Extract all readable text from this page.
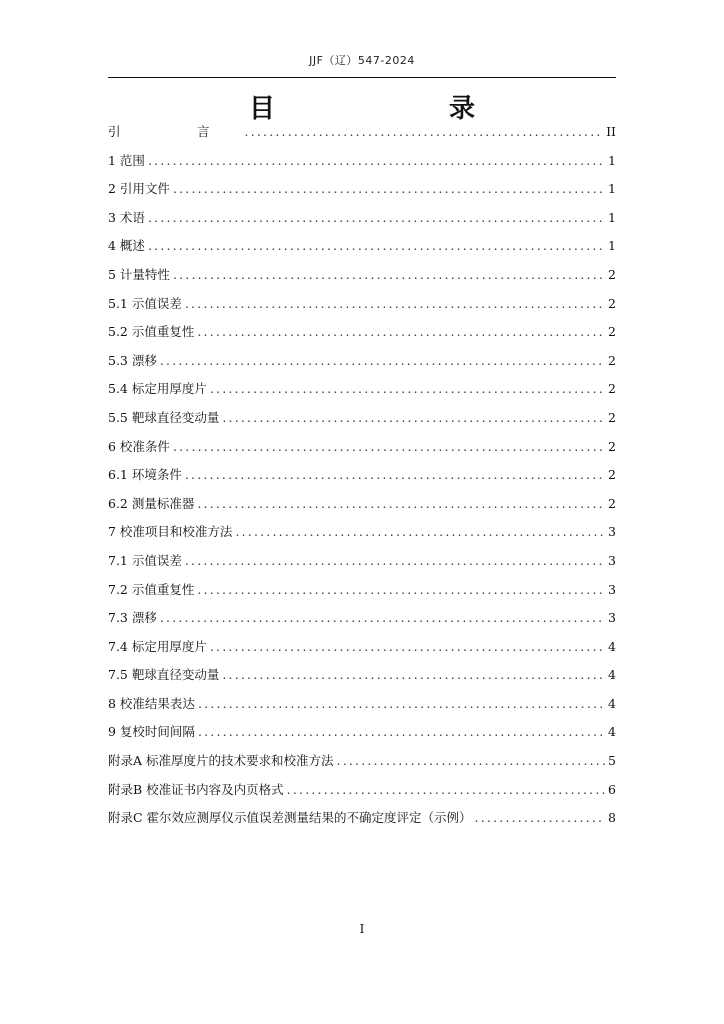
JJF（辽）547-2024
目　录
引　言 .....	II
1 范围 .....	1
2 引用文件 .....	1
3 术语 .....	1
4 概述 .....	1
5 计量特性 .....	2
5.1 示值误差 .....	2
5.2 示值重复性 .....	2
5.3 漂移 .....	2
5.4 标定用厚度片 .....	2
5.5 靶球直径变动量 .....	2
6 校准条件 .....	2
6.1 环境条件 .....	2
6.2 测量标准器 .....	2
7 校准项目和校准方法 .....	3
7.1 示值误差 .....	3
7.2 示值重复性 .....	3
7.3 漂移 .....	3
7.4 标定用厚度片 .....	4
7.5 靶球直径变动量 .....	4
8 校准结果表达 .....	4
9 复校时间间隔 .....	4
附录A 标准厚度片的技术要求和校准方法 .....	5
附录B 校准证书内容及内页格式 .....	6
附录C 霍尔效应测厚仪示值误差测量结果的不确定度评定（示例） .....	8
I
